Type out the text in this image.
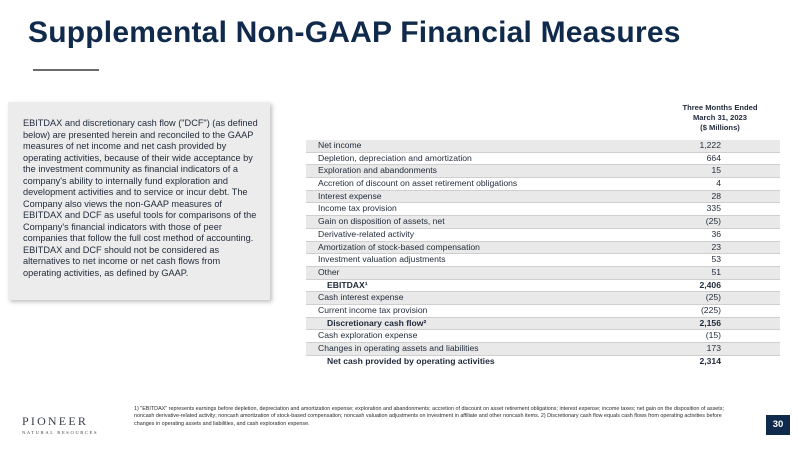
Supplemental Non-GAAP Financial Measures
EBITDAX and discretionary cash flow ("DCF") (as defined below) are presented herein and reconciled to the GAAP measures of net income and net cash provided by operating activities, because of their wide acceptance by the investment community as financial indicators of a company's ability to internally fund exploration and development activities and to service or incur debt. The Company also views the non-GAAP measures of EBITDAX and DCF as useful tools for comparisons of the Company's financial indicators with those of peer companies that follow the full cost method of accounting. EBITDAX and DCF should not be considered as alternatives to net income or net cash flows from operating activities, as defined by GAAP.
Three Months Ended
March 31, 2023
($ Millions)
Net income	1,222
Depletion, depreciation and amortization	664
Exploration and abandonments	15
Accretion of discount on asset retirement obligations	4
Interest expense	28
Income tax provision	335
Gain on disposition of assets, net	(25)
Derivative-related activity	36
Amortization of stock-based compensation	23
Investment valuation adjustments	53
Other	51
EBITDAX¹	2,406
Cash interest expense	(25)
Current income tax provision	(225)
Discretionary cash flow²	2,156
Cash exploration expense	(15)
Changes in operating assets and liabilities	173
Net cash provided by operating activities	2,314
PIONEER
NATURAL RESOURCES
1) "EBITDAX" represents earnings before depletion, depreciation and amortization expense; exploration and abandonments; accretion of discount on asset retirement obligations; interest expense; income taxes; net gain on the disposition of assets; noncash derivative-related activity; noncash amortization of stock-based compensation; noncash valuation adjustments on investment in affiliate and other noncash items. 2) Discretionary cash flow equals cash flows from operating activities before changes in operating assets and liabilities, and cash exploration expense.	30
